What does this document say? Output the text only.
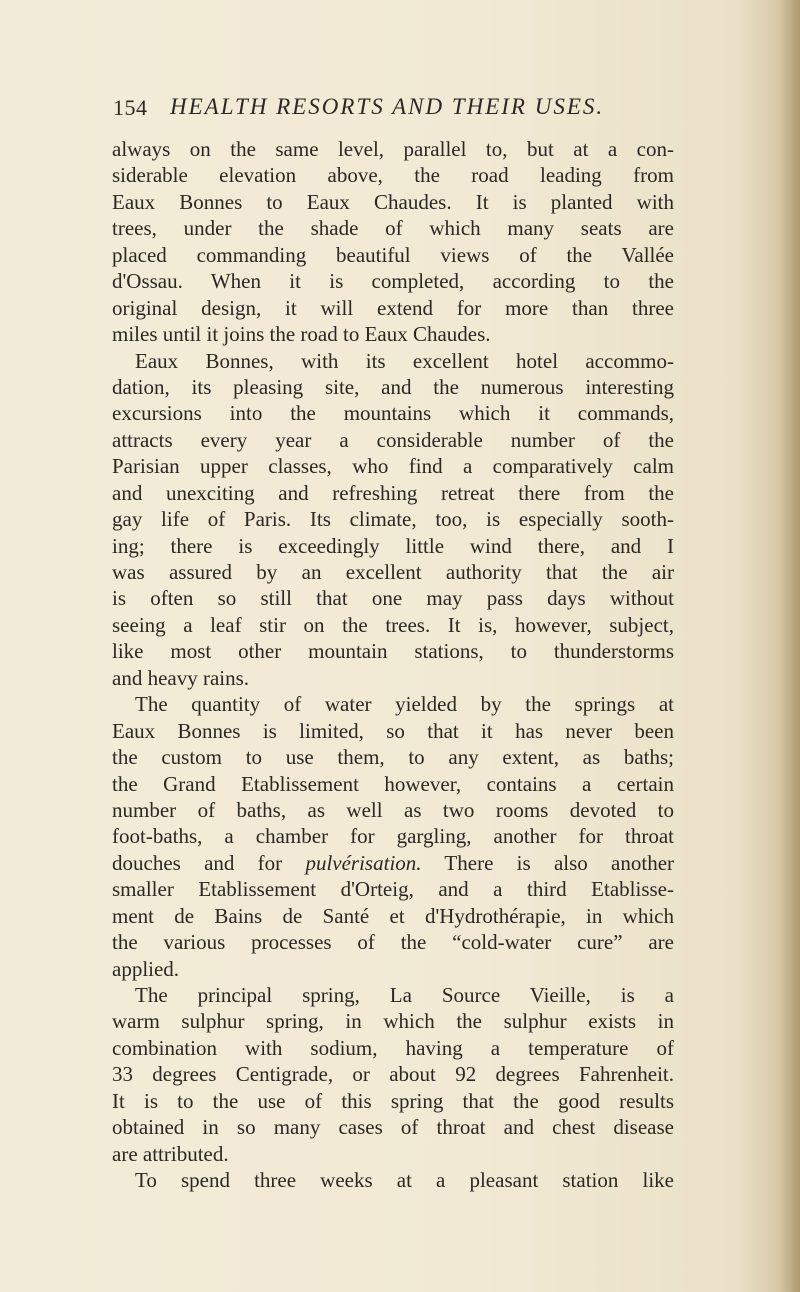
154 HEALTH RESORTS AND THEIR USES.
always on the same level, parallel to, but at a con-
siderable elevation above, the road leading from
Eaux Bonnes to Eaux Chaudes. It is planted with
trees, under the shade of which many seats are
placed commanding beautiful views of the Vallée
d'Ossau. When it is completed, according to the
original design, it will extend for more than three
miles until it joins the road to Eaux Chaudes.
Eaux Bonnes, with its excellent hotel accommo-
dation, its pleasing site, and the numerous interesting
excursions into the mountains which it commands,
attracts every year a considerable number of the
Parisian upper classes, who find a comparatively calm
and unexciting and refreshing retreat there from the
gay life of Paris. Its climate, too, is especially sooth-
ing; there is exceedingly little wind there, and I
was assured by an excellent authority that the air
is often so still that one may pass days without
seeing a leaf stir on the trees. It is, however, subject,
like most other mountain stations, to thunderstorms
and heavy rains.
The quantity of water yielded by the springs at
Eaux Bonnes is limited, so that it has never been
the custom to use them, to any extent, as baths;
the Grand Etablissement however, contains a certain
number of baths, as well as two rooms devoted to
foot-baths, a chamber for gargling, another for throat
douches and for pulvérisation. There is also another
smaller Etablissement d'Orteig, and a third Etablisse-
ment de Bains de Santé et d'Hydrothérapie, in which
the various processes of the “cold-water cure” are
applied.
The principal spring, La Source Vieille, is a
warm sulphur spring, in which the sulphur exists in
combination with sodium, having a temperature of
33 degrees Centigrade, or about 92 degrees Fahrenheit.
It is to the use of this spring that the good results
obtained in so many cases of throat and chest disease
are attributed.
To spend three weeks at a pleasant station like
